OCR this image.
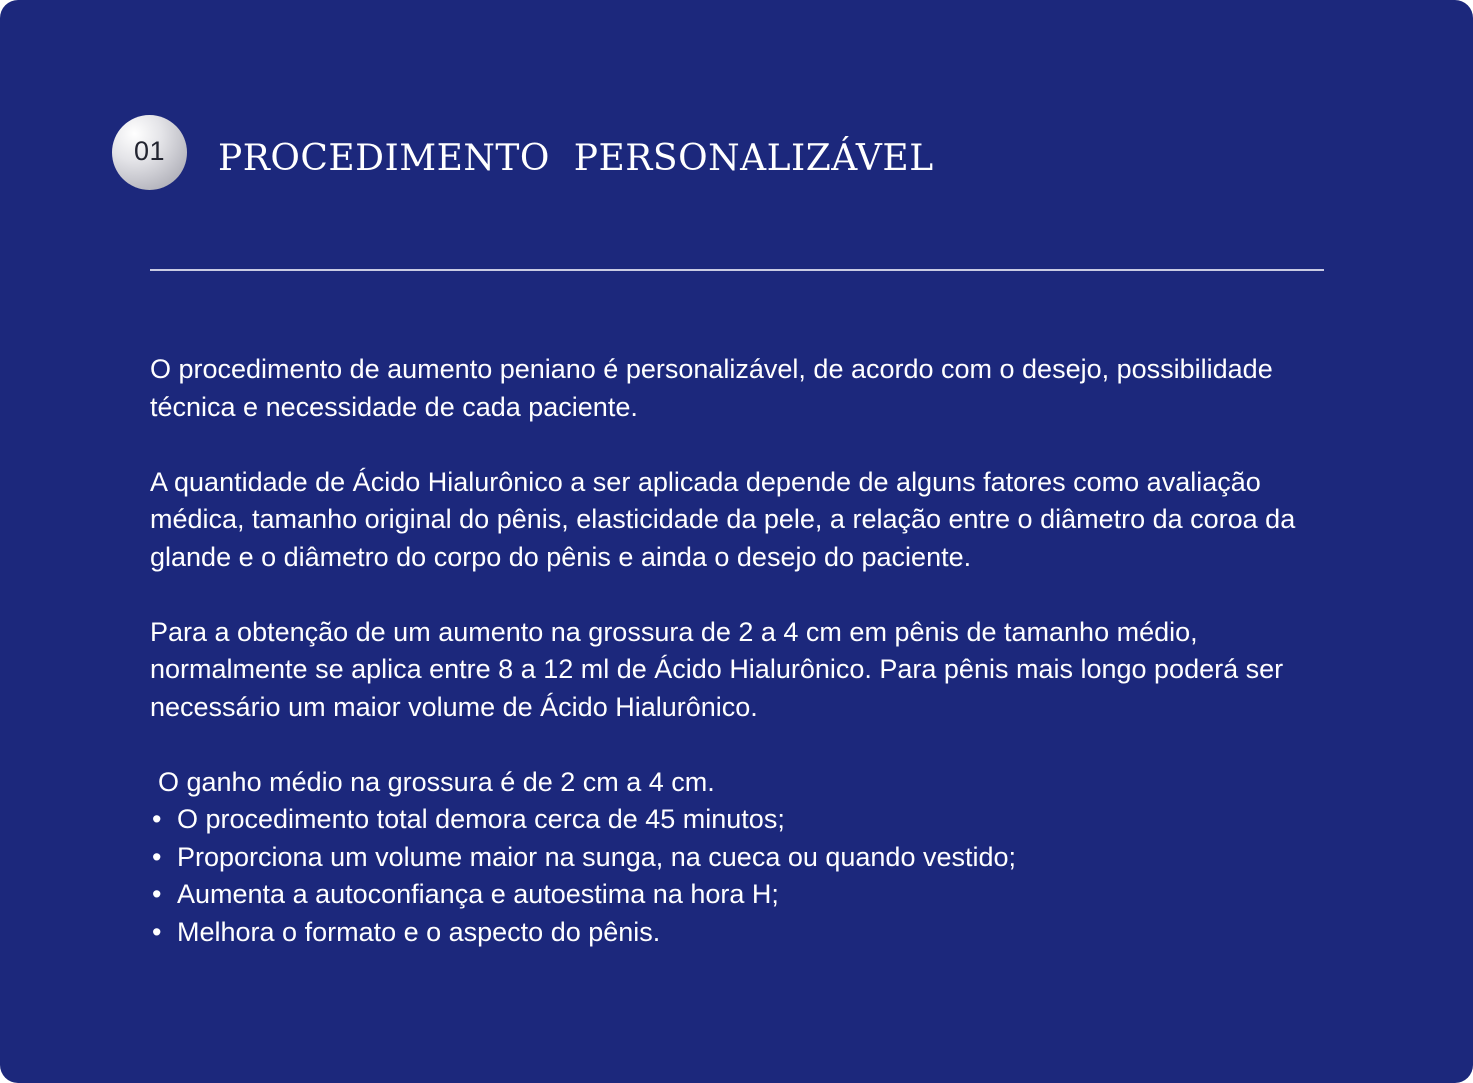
01 PROCEDIMENTO  PERSONALIZÁVEL

O procedimento de aumento peniano é personalizável, de acordo com o desejo, possibilidade técnica e necessidade de cada paciente.

A quantidade de Ácido Hialurônico a ser aplicada depende de alguns fatores como avaliação médica, tamanho original do pênis, elasticidade da pele, a relação entre o diâmetro da coroa da glande e o diâmetro do corpo do pênis e ainda o desejo do paciente.

Para a obtenção de um aumento na grossura de 2 a 4 cm em pênis de tamanho médio, normalmente se aplica entre 8 a 12 ml de Ácido Hialurônico. Para pênis mais longo poderá ser necessário um maior volume de Ácido Hialurônico.

O ganho médio na grossura é de 2 cm a 4 cm.
• O procedimento total demora cerca de 45 minutos;
• Proporciona um volume maior na sunga, na cueca ou quando vestido;
• Aumenta a autoconfiança e autoestima na hora H;
• Melhora o formato e o aspecto do pênis.
